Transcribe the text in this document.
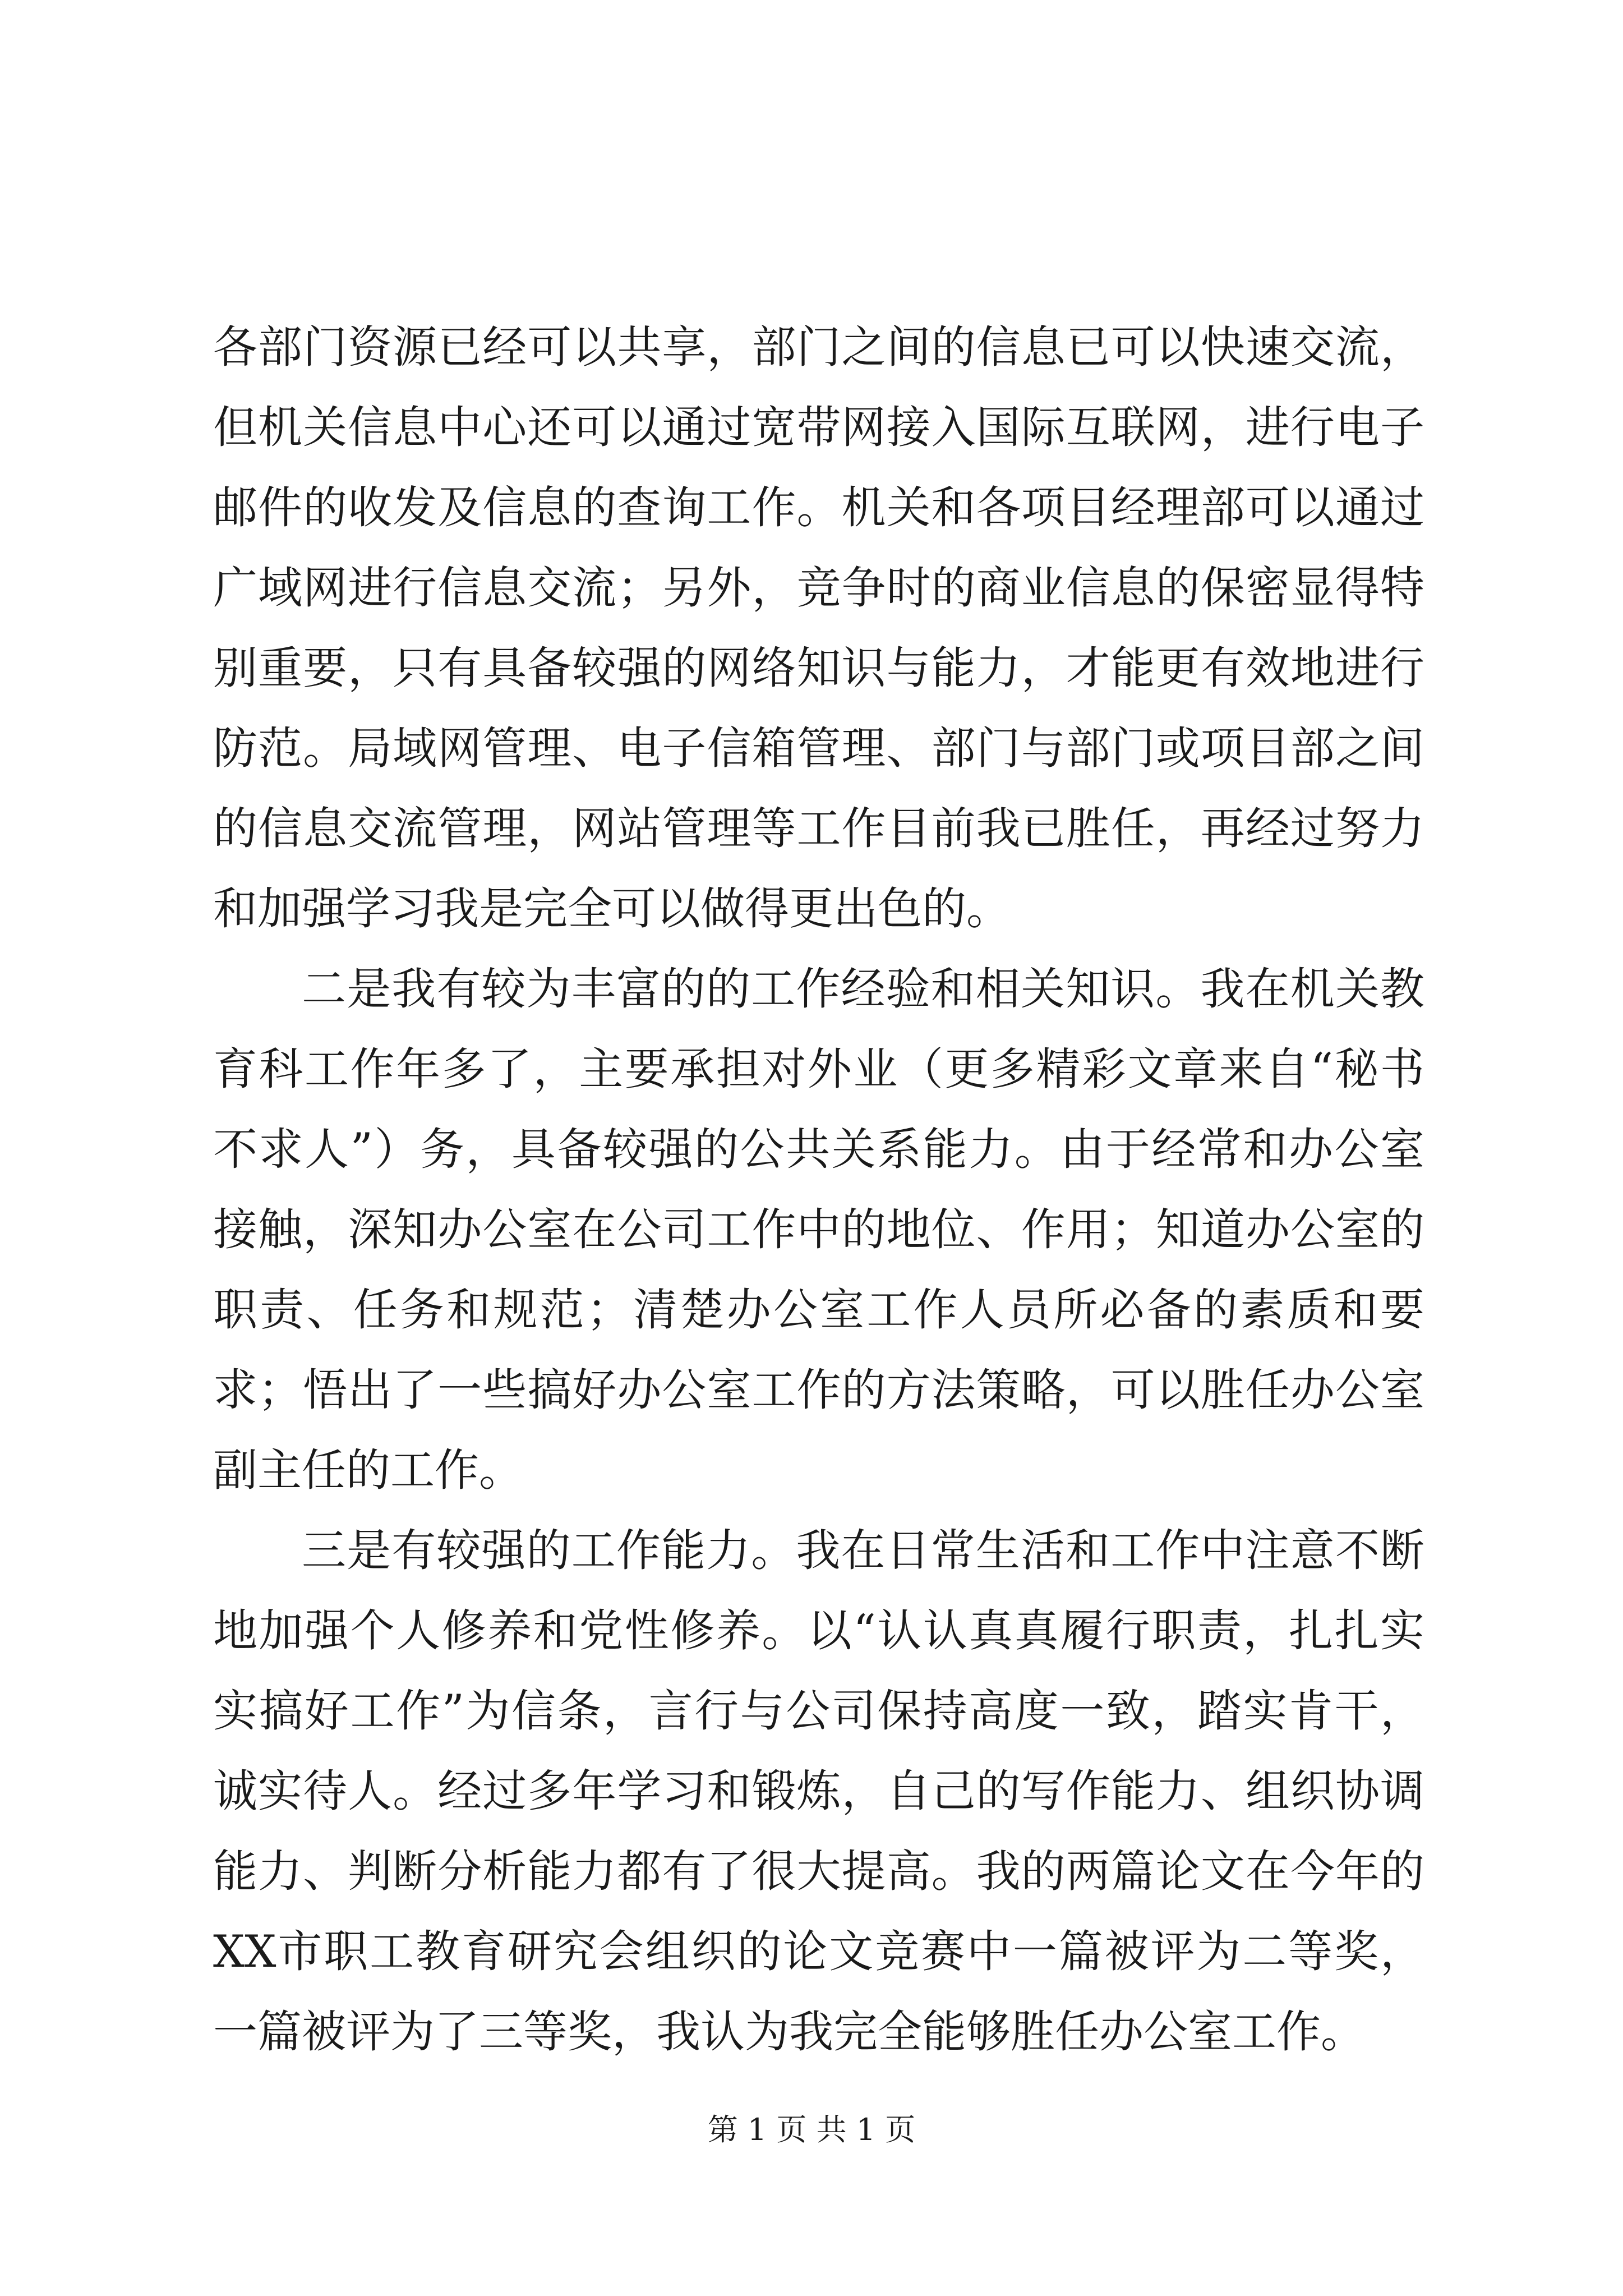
各部门资源已经可以共享，部门之间的信息已可以快速交流，但机关信息中心还可以通过宽带网接入国际互联网，进行电子邮件的收发及信息的查询工作。机关和各项目经理部可以通过广域网进行信息交流；另外，竞争时的商业信息的保密显得特别重要，只有具备较强的网络知识与能力，才能更有效地进行防范。局域网管理、电子信箱管理、部门与部门或项目部之间的信息交流管理，网站管理等工作目前我已胜任，再经过努力和加强学习我是完全可以做得更出色的。

二是我有较为丰富的的工作经验和相关知识。我在机关教育科工作年多了，主要承担对外业（更多精彩文章来自“秘书不求人”）务，具备较强的公共关系能力。由于经常和办公室接触，深知办公室在公司工作中的地位、作用；知道办公室的职责、任务和规范；清楚办公室工作人员所必备的素质和要求；悟出了一些搞好办公室工作的方法策略，可以胜任办公室副主任的工作。

三是有较强的工作能力。我在日常生活和工作中注意不断地加强个人修养和党性修养。以“认认真真履行职责，扎扎实实搞好工作”为信条，言行与公司保持高度一致，踏实肯干，诚实待人。经过多年学习和锻炼，自己的写作能力、组织协调能力、判断分析能力都有了很大提高。我的两篇论文在今年的XX市职工教育研究会组织的论文竞赛中一篇被评为二等奖，一篇被评为了三等奖，我认为我完全能够胜任办公室工作。

第 1 页 共 1 页
